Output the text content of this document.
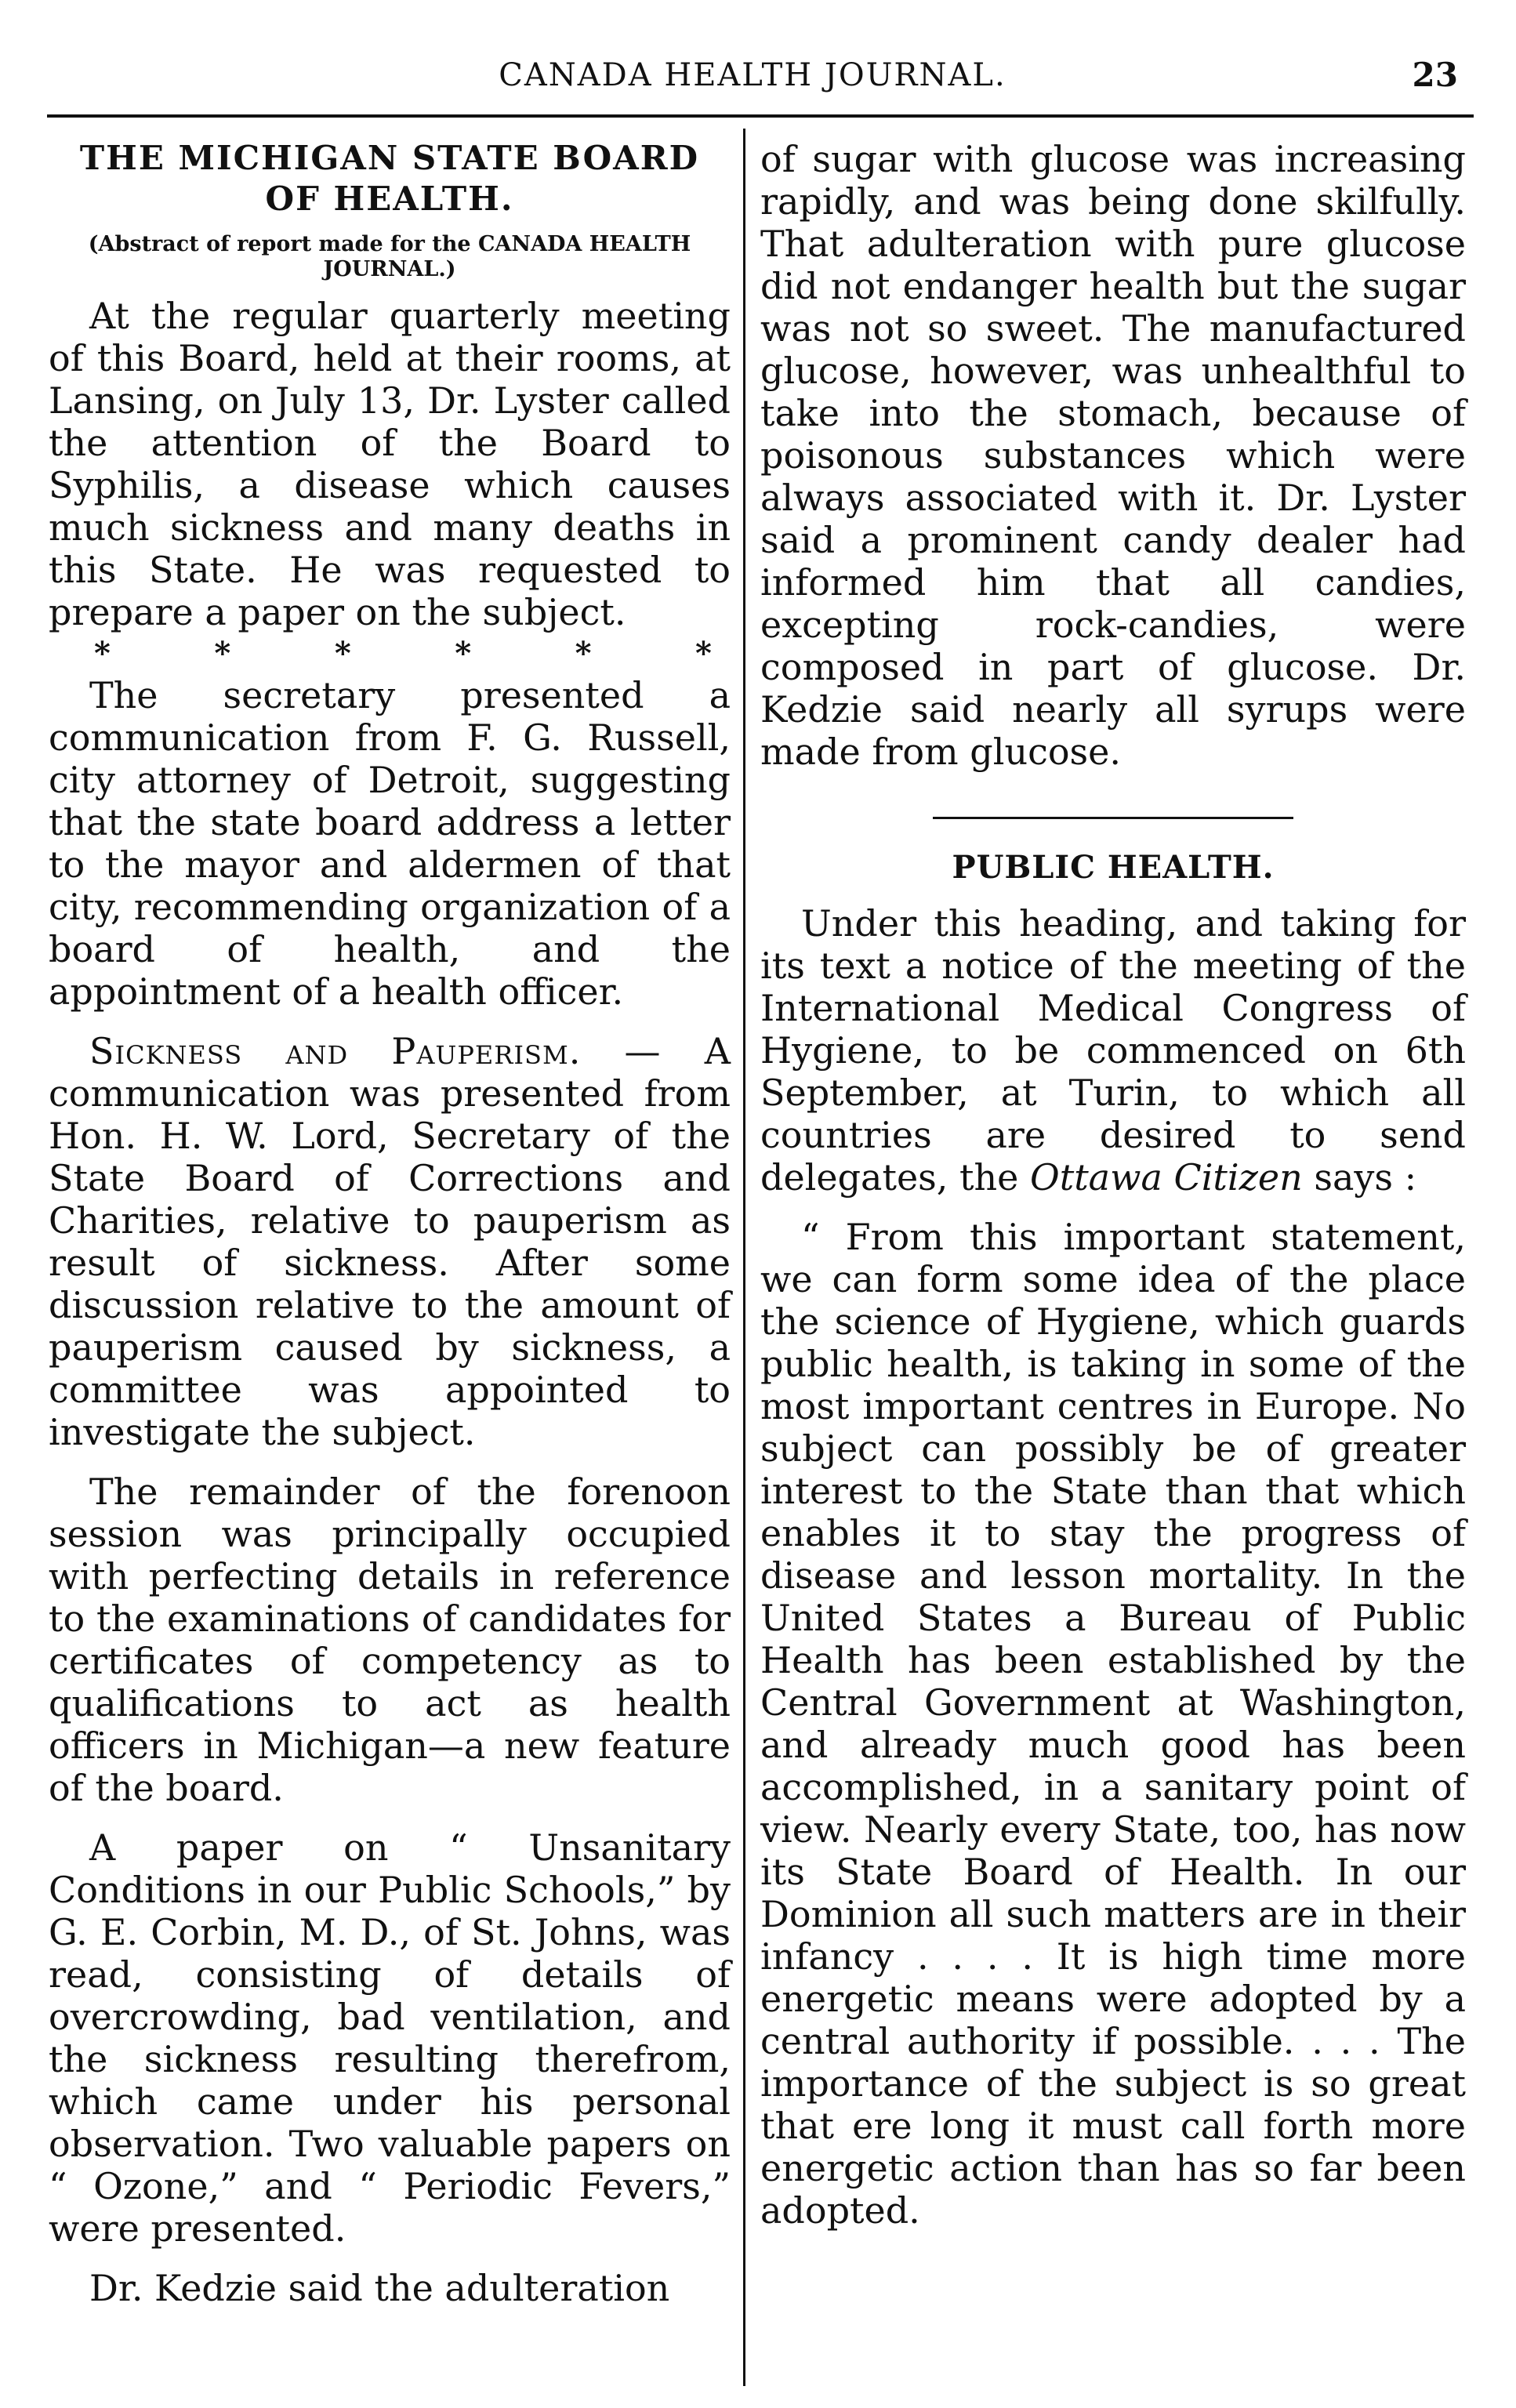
CANADA HEALTH JOURNAL.	23
THE MICHIGAN STATE BOARD OF HEALTH.
(Abstract of report made for the CANADA HEALTH JOURNAL.)

At the regular quarterly meeting of this Board, held at their rooms, at Lansing, on July 13, Dr. Lyster called the attention of the Board to Syphilis, a disease which causes much sickness and many deaths in this State. He was requested to prepare a paper on the subject.

*	*	*	*	*	*

The secretary presented a communication from F. G. Russell, city attorney of Detroit, suggesting that the state board address a letter to the mayor and aldermen of that city, recommending organization of a board of health, and the appointment of a health officer.

Sickness and Pauperism. — A communication was presented from Hon. H. W. Lord, Secretary of the State Board of Corrections and Charities, relative to pauperism as result of sickness. After some discussion relative to the amount of pauperism caused by sickness, a committee was appointed to investigate the subject.

The remainder of the forenoon session was principally occupied with perfecting details in reference to the examinations of candidates for certificates of competency as to qualifications to act as health officers in Michigan—a new feature of the board.

A paper on “ Unsanitary Conditions in our Public Schools,” by G. E. Corbin, M. D., of St. Johns, was read, consisting of details of overcrowding, bad ventilation, and the sickness resulting therefrom, which came under his personal observation. Two valuable papers on “ Ozone,” and “ Periodic Fevers,” were presented.

Dr. Kedzie said the adulteration

of sugar with glucose was increasing rapidly, and was being done skilfully. That adulteration with pure glucose did not endanger health but the sugar was not so sweet. The manufactured glucose, however, was unhealthful to take into the stomach, because of poisonous substances which were always associated with it. Dr. Lyster said a prominent candy dealer had informed him that all candies, excepting rock-candies, were composed in part of glucose. Dr. Kedzie said nearly all syrups were made from glucose.

PUBLIC HEALTH.

Under this heading, and taking for its text a notice of the meeting of the International Medical Congress of Hygiene, to be commenced on 6th September, at Turin, to which all countries are desired to send delegates, the Ottawa Citizen says :

“ From this important statement, we can form some idea of the place the science of Hygiene, which guards public health, is taking in some of the most important centres in Europe. No subject can possibly be of greater interest to the State than that which enables it to stay the progress of disease and lesson mortality. In the United States a Bureau of Public Health has been established by the Central Government at Washington, and already much good has been accomplished, in a sanitary point of view. Nearly every State, too, has now its State Board of Health. In our Dominion all such matters are in their infancy . . . . It is high time more energetic means were adopted by a central authority if possible. . . . The importance of the subject is so great that ere long it must call forth more energetic action than has so far been adopted.
